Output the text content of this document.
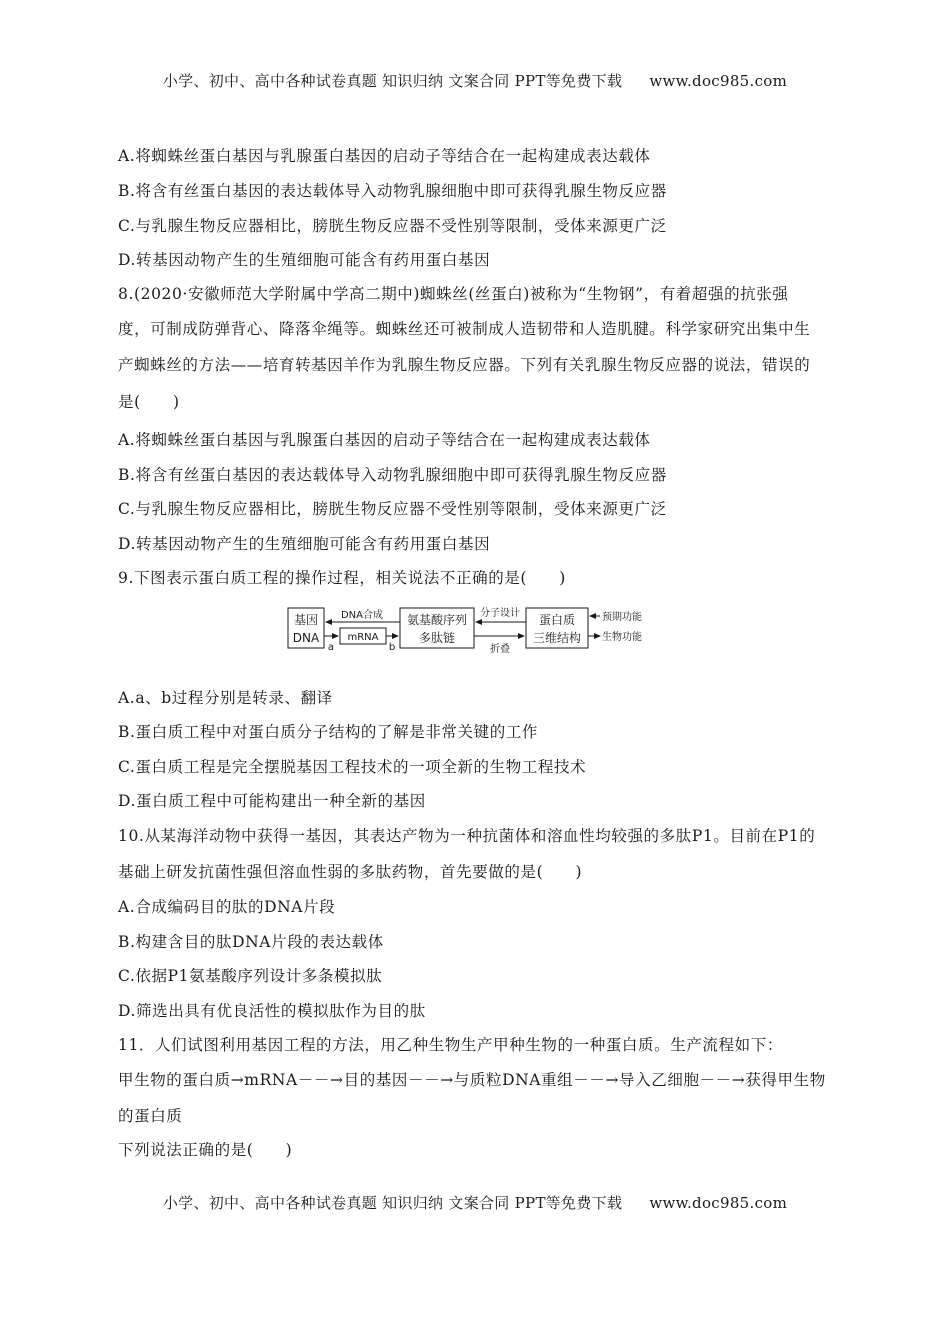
小学、初中、高中各种试卷真题 知识归纳 文案合同 PPT等免费下载 www.doc985.com
A.将蜘蛛丝蛋白基因与乳腺蛋白基因的启动子等结合在一起构建成表达载体
B.将含有丝蛋白基因的表达载体导入动物乳腺细胞中即可获得乳腺生物反应器
C.与乳腺生物反应器相比，膀胱生物反应器不受性别等限制，受体来源更广泛
D.转基因动物产生的生殖细胞可能含有药用蛋白基因
8.(2020·安徽师范大学附属中学高二期中)蜘蛛丝(丝蛋白)被称为“生物钢”，有着超强的抗张强
度，可制成防弹背心、降落伞绳等。蜘蛛丝还可被制成人造韧带和人造肌腱。科学家研究出集中生
产蜘蛛丝的方法——培育转基因羊作为乳腺生物反应器。下列有关乳腺生物反应器的说法，错误的
是(　　)
A.将蜘蛛丝蛋白基因与乳腺蛋白基因的启动子等结合在一起构建成表达载体
B.将含有丝蛋白基因的表达载体导入动物乳腺细胞中即可获得乳腺生物反应器
C.与乳腺生物反应器相比，膀胱生物反应器不受性别等限制，受体来源更广泛
D.转基因动物产生的生殖细胞可能含有药用蛋白基因
9.下图表示蛋白质工程的操作过程，相关说法不正确的是(　　)
基因
DNA	mRNA
氨基酸序列
多肽链
蛋白质
三维结构
DNA合成
a	b
分子设计
折叠
预期功能
生物功能
A.a、b过程分别是转录、翻译
B.蛋白质工程中对蛋白质分子结构的了解是非常关键的工作
C.蛋白质工程是完全摆脱基因工程技术的一项全新的生物工程技术
D.蛋白质工程中可能构建出一种全新的基因
10.从某海洋动物中获得一基因，其表达产物为一种抗菌体和溶血性均较强的多肽P1。目前在P1的
基础上研发抗菌性强但溶血性弱的多肽药物，首先要做的是(　　)
A.合成编码目的肽的DNA片段
B.构建含目的肽DNA片段的表达载体
C.依据P1氨基酸序列设计多条模拟肽
D.筛选出具有优良活性的模拟肽作为目的肽
11．人们试图利用基因工程的方法，用乙种生物生产甲种生物的一种蛋白质。生产流程如下：
甲生物的蛋白质→mRNA－－→目的基因－－→与质粒DNA重组－－→导入乙细胞－－→获得甲生物
的蛋白质
下列说法正确的是(　　)
小学、初中、高中各种试卷真题 知识归纳 文案合同 PPT等免费下载 www.doc985.com
